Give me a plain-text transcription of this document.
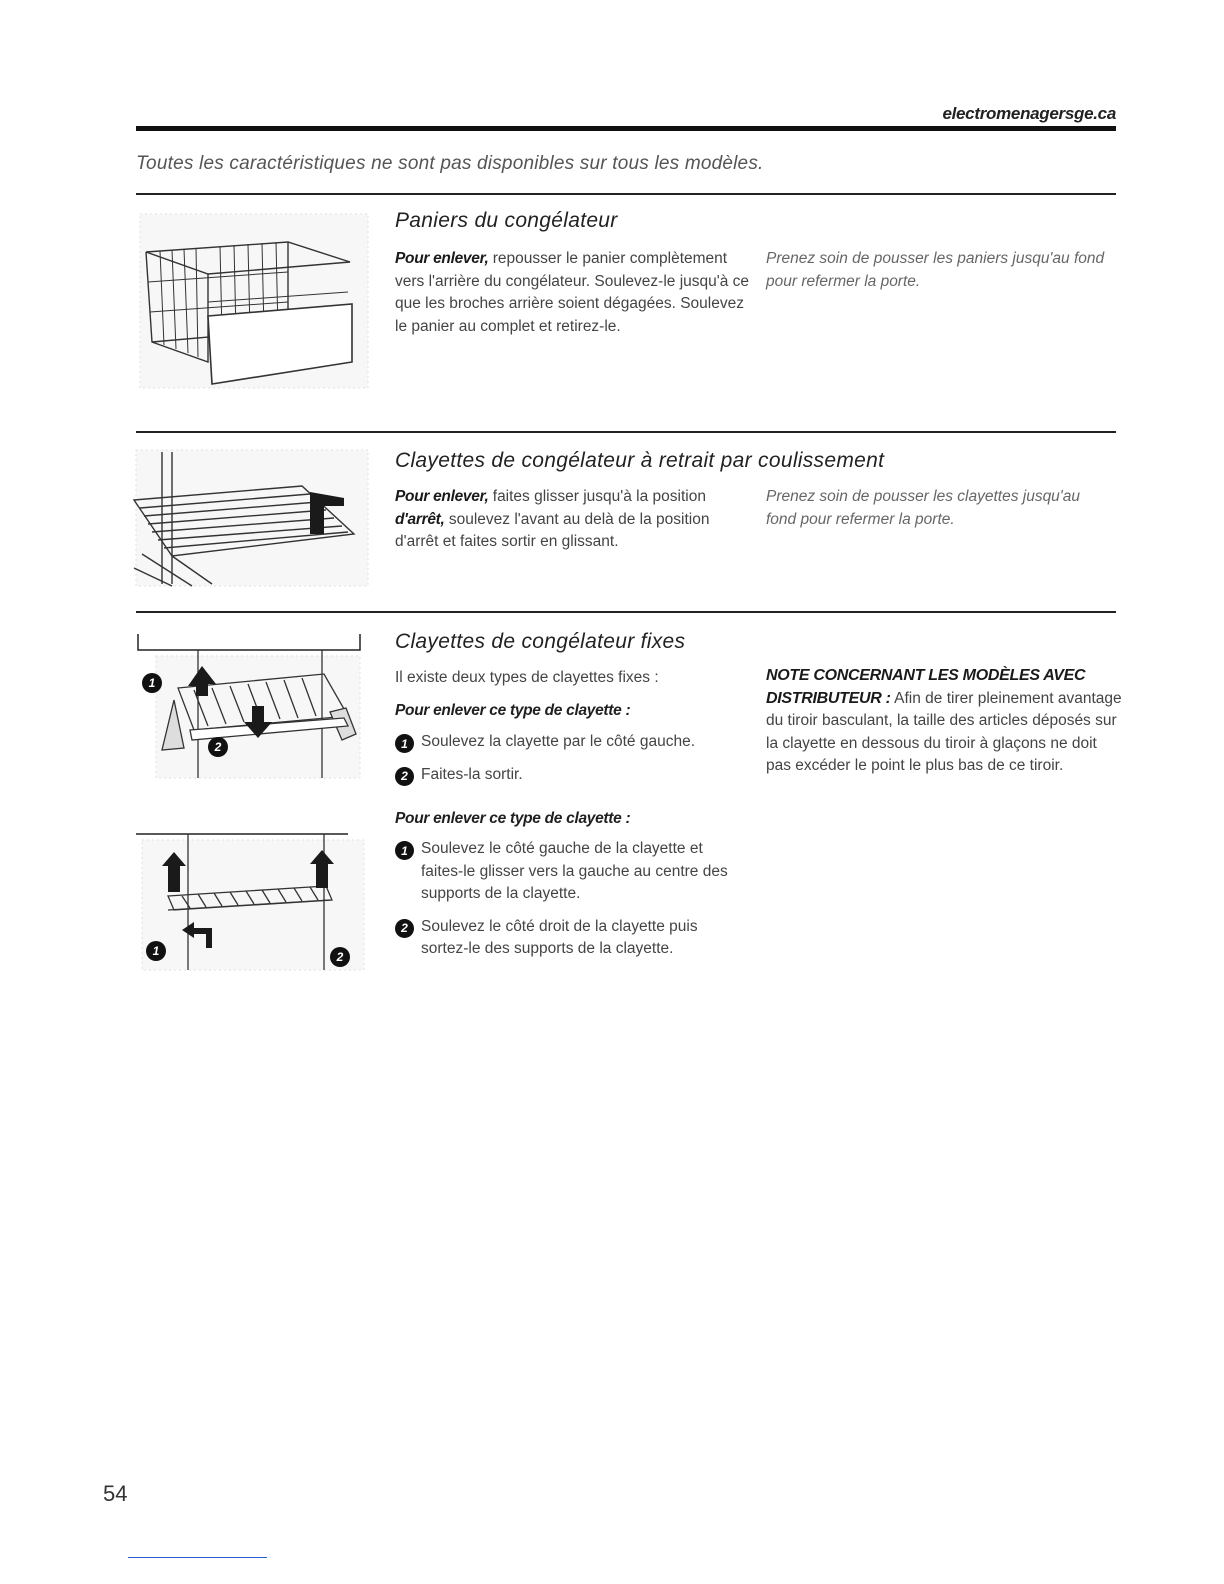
electromenagersge.ca
Toutes les caractéristiques ne sont pas disponibles sur tous les modèles.
Paniers du congélateur
Pour enlever, repousser le panier complètement vers l'arrière du congélateur. Soulevez-le jusqu'à ce que les broches arrière soient dégagées. Soulevez le panier au complet et retirez-le.
Prenez soin de pousser les paniers jusqu'au fond pour refermer la porte.
Clayettes de congélateur à retrait par coulissement
Pour enlever, faites glisser jusqu'à la position d'arrêt, soulevez l'avant au delà de la position d'arrêt et faites sortir en glissant.
Prenez soin de pousser les clayettes jusqu'au fond pour refermer la porte.
1
2
1	2
Clayettes de congélateur fixes
Il existe deux types de clayettes fixes :
Pour enlever ce type de clayette :
1 Soulevez la clayette par le côté gauche.
2 Faites-la sortir.
Pour enlever ce type de clayette :
1 Soulevez le côté gauche de la clayette et faites-le glisser vers la gauche au centre des supports de la clayette.
2 Soulevez le côté droit de la clayette puis sortez-le des supports de la clayette.
NOTE CONCERNANT LES MODÈLES AVEC DISTRIBUTEUR : Afin de tirer pleinement avantage du tiroir basculant, la taille des articles déposés sur la clayette en dessous du tiroir à glaçons ne doit pas excéder le point le plus bas de ce tiroir.
54
